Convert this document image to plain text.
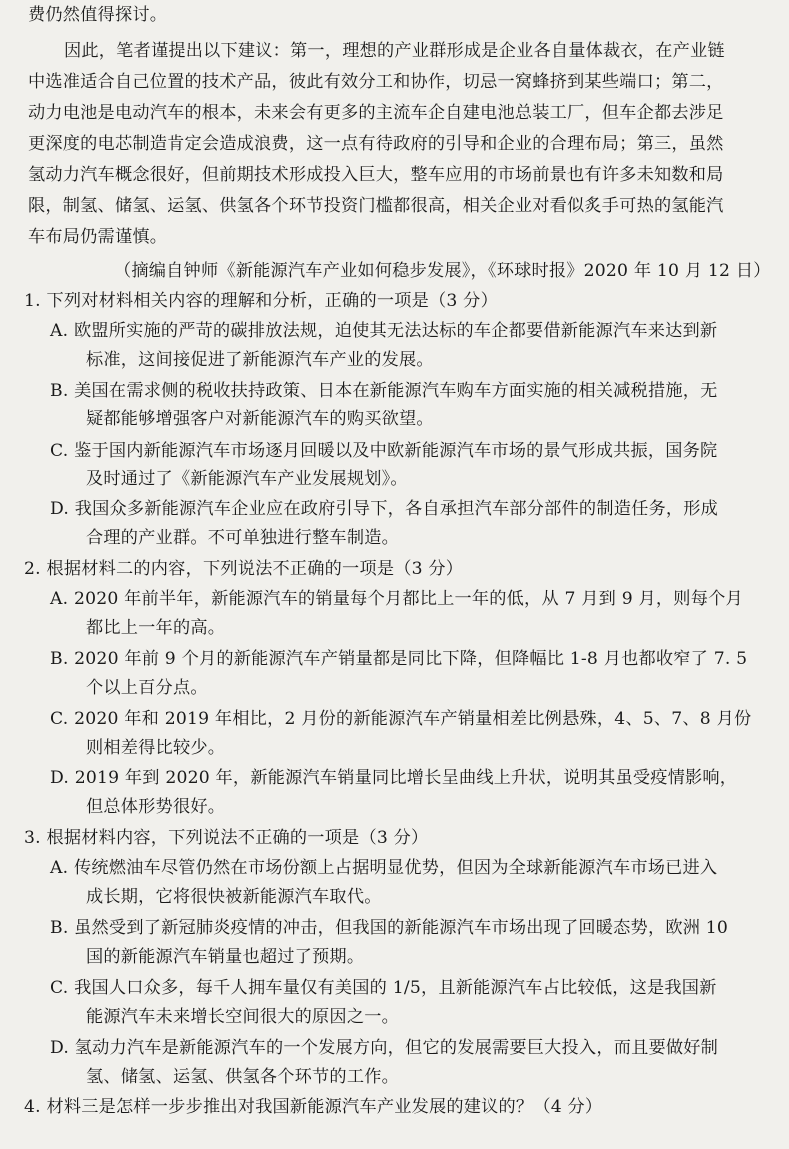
费仍然值得探讨。
因此，笔者谨提出以下建议：第一，理想的产业群形成是企业各自量体裁衣，在产业链
中选准适合自己位置的技术产品，彼此有效分工和协作，切忌一窝蜂挤到某些端口；第二，
动力电池是电动汽车的根本，未来会有更多的主流车企自建电池总装工厂，但车企都去涉足
更深度的电芯制造肯定会造成浪费，这一点有待政府的引导和企业的合理布局；第三，虽然
氢动力汽车概念很好，但前期技术形成投入巨大，整车应用的市场前景也有许多未知数和局
限，制氢、储氢、运氢、供氢各个环节投资门槛都很高，相关企业对看似炙手可热的氢能汽
车布局仍需谨慎。
（摘编自钟师《新能源汽车产业如何稳步发展》，《环球时报》2020 年 10 月 12 日）
1. 下列对材料相关内容的理解和分析，正确的一项是（3 分）
A. 欧盟所实施的严苛的碳排放法规，迫使其无法达标的车企都要借新能源汽车来达到新
标准，这间接促进了新能源汽车产业的发展。
B. 美国在需求侧的税收扶持政策、日本在新能源汽车购车方面实施的相关减税措施，无
疑都能够增强客户对新能源汽车的购买欲望。
C. 鉴于国内新能源汽车市场逐月回暖以及中欧新能源汽车市场的景气形成共振，国务院
及时通过了《新能源汽车产业发展规划》。
D. 我国众多新能源汽车企业应在政府引导下，各自承担汽车部分部件的制造任务，形成
合理的产业群。不可单独进行整车制造。
2. 根据材料二的内容，下列说法不正确的一项是（3 分）
A. 2020 年前半年，新能源汽车的销量每个月都比上一年的低，从 7 月到 9 月，则每个月
都比上一年的高。
B. 2020 年前 9 个月的新能源汽车产销量都是同比下降，但降幅比 1-8 月也都收窄了 7. 5
个以上百分点。
C. 2020 年和 2019 年相比，2 月份的新能源汽车产销量相差比例悬殊，4、5、7、8 月份
则相差得比较少。
D. 2019 年到 2020 年，新能源汽车销量同比增长呈曲线上升状，说明其虽受疫情影响，
但总体形势很好。
3. 根据材料内容，下列说法不正确的一项是（3 分）
A. 传统燃油车尽管仍然在市场份额上占据明显优势，但因为全球新能源汽车市场已进入
成长期，它将很快被新能源汽车取代。
B. 虽然受到了新冠肺炎疫情的冲击，但我国的新能源汽车市场出现了回暖态势，欧洲 10
国的新能源汽车销量也超过了预期。
C. 我国人口众多，每千人拥车量仅有美国的 1/5，且新能源汽车占比较低，这是我国新
能源汽车未来增长空间很大的原因之一。
D. 氢动力汽车是新能源汽车的一个发展方向，但它的发展需要巨大投入，而且要做好制
氢、储氢、运氢、供氢各个环节的工作。
4. 材料三是怎样一步步推出对我国新能源汽车产业发展的建议的？（4 分）
